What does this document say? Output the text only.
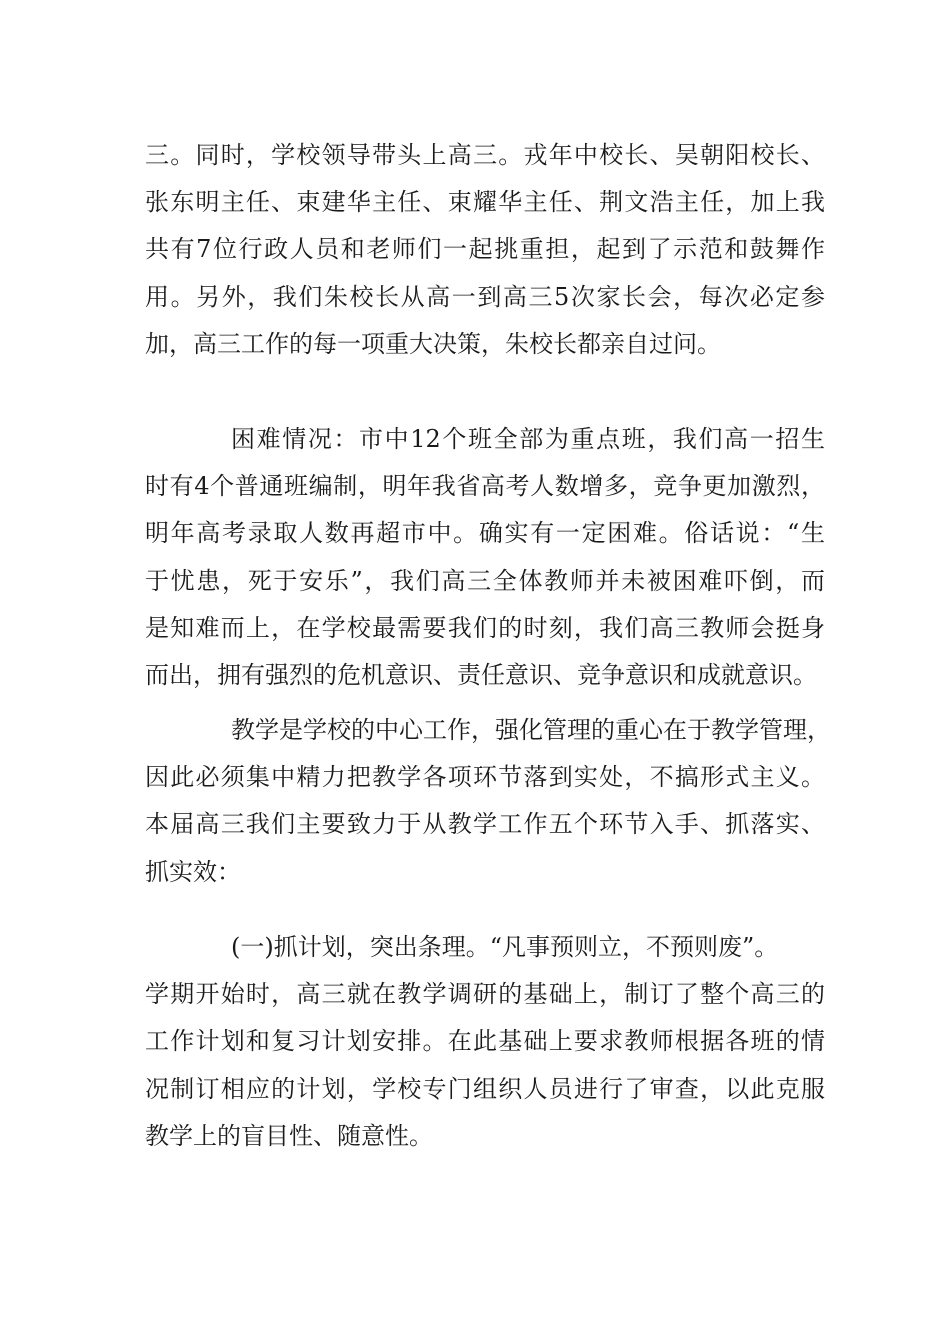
三。同时，学校领导带头上高三。戎年中校长、吴朝阳校长、
张东明主任、束建华主任、束耀华主任、荆文浩主任，加上我
共有7位行政人员和老师们一起挑重担，起到了示范和鼓舞作
用。另外，我们朱校长从高一到高三5次家长会，每次必定参
加，高三工作的每一项重大决策，朱校长都亲自过问。
困难情况：市中12个班全部为重点班，我们高一招生
时有4个普通班编制，明年我省高考人数增多，竞争更加激烈，
明年高考录取人数再超市中。确实有一定困难。俗话说：“生
于忧患，死于安乐”，我们高三全体教师并未被困难吓倒，而
是知难而上，在学校最需要我们的时刻，我们高三教师会挺身
而出，拥有强烈的危机意识、责任意识、竞争意识和成就意识。
教学是学校的中心工作，强化管理的重心在于教学管理，
因此必须集中精力把教学各项环节落到实处，不搞形式主义。
本届高三我们主要致力于从教学工作五个环节入手、抓落实、
抓实效：
(一)抓计划，突出条理。“凡事预则立，不预则废”。
学期开始时，高三就在教学调研的基础上，制订了整个高三的
工作计划和复习计划安排。在此基础上要求教师根据各班的情
况制订相应的计划，学校专门组织人员进行了审查，以此克服
教学上的盲目性、随意性。
